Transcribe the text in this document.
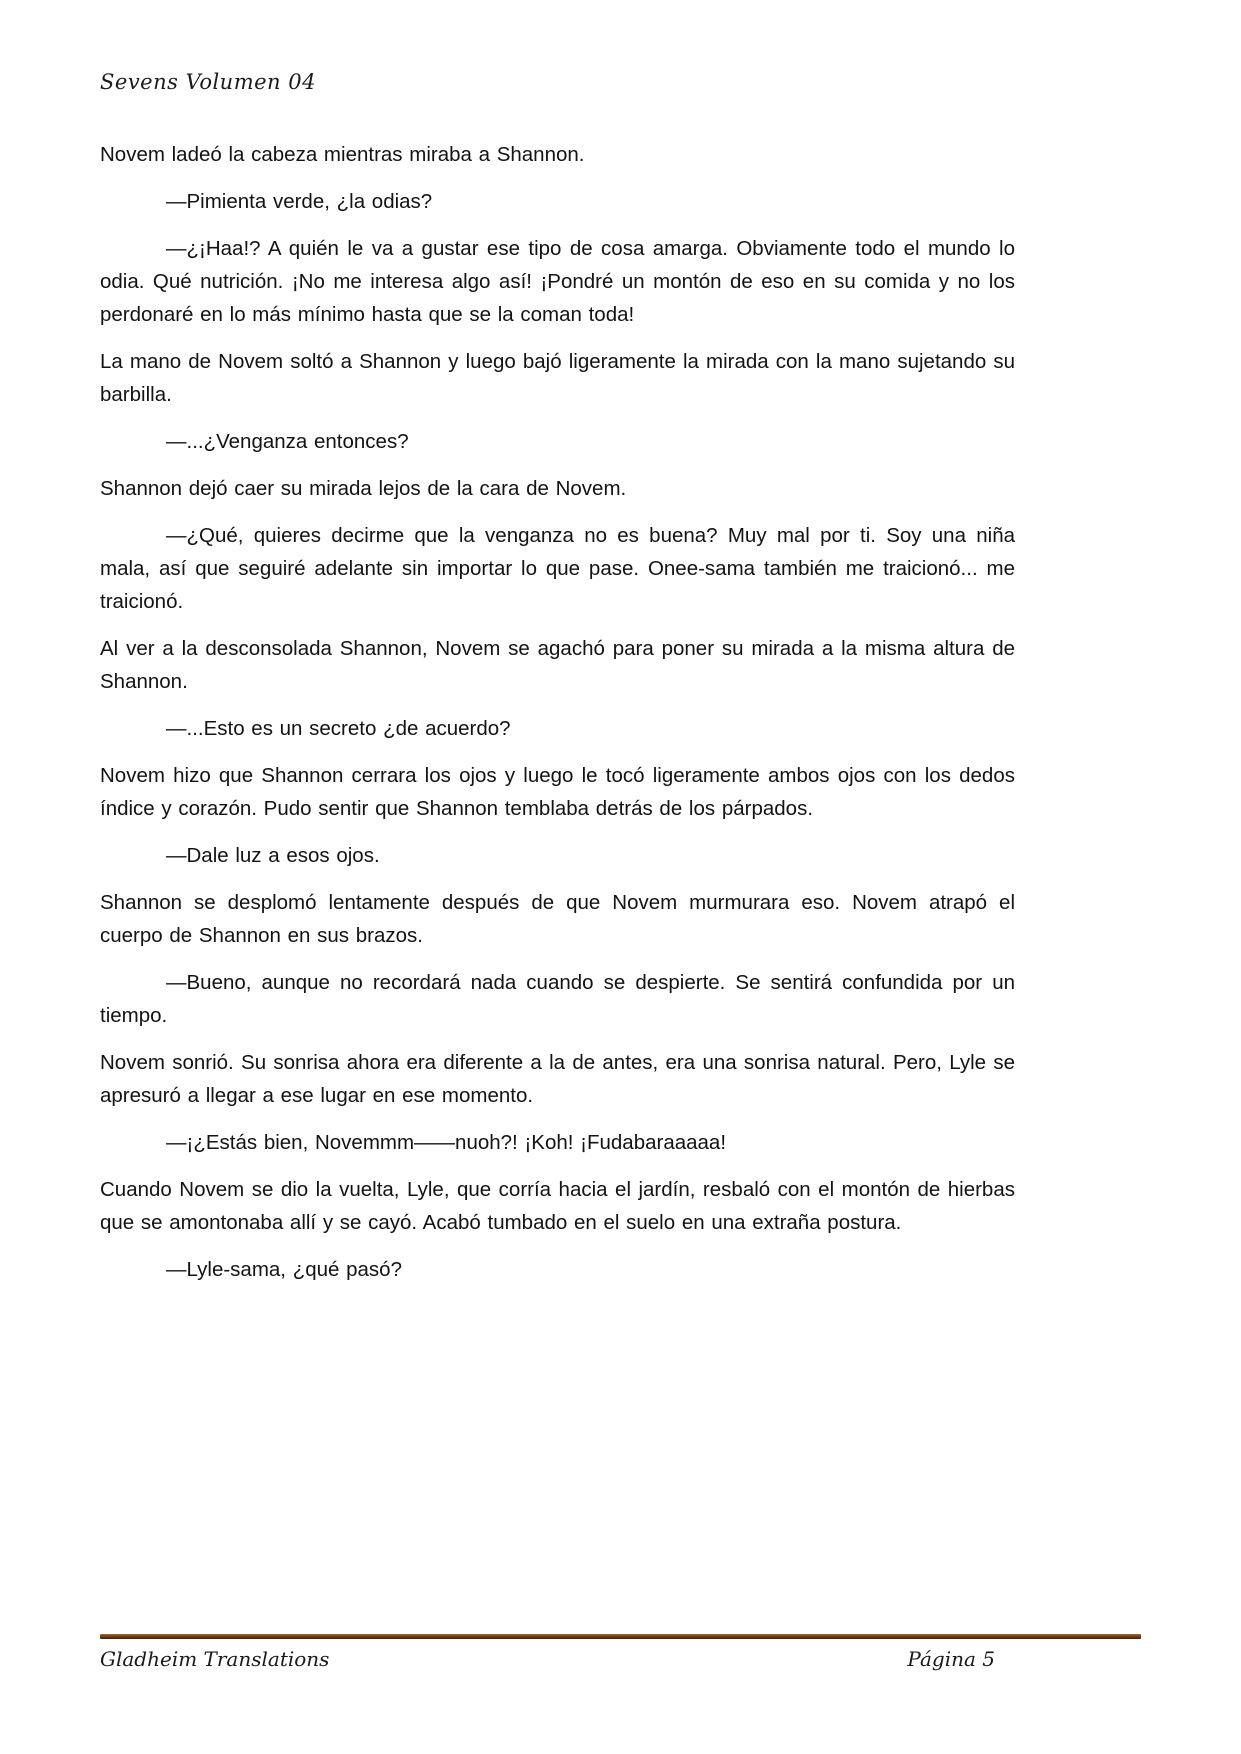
Sevens Volumen 04

Novem ladeó la cabeza mientras miraba a Shannon.

—Pimienta verde, ¿la odias?

—¿¡Haa!? A quién le va a gustar ese tipo de cosa amarga. Obviamente todo el mundo lo odia. Qué nutrición. ¡No me interesa algo así! ¡Pondré un montón de eso en su comida y no los perdonaré en lo más mínimo hasta que se la coman toda!

La mano de Novem soltó a Shannon y luego bajó ligeramente la mirada con la mano sujetando su barbilla.

—...¿Venganza entonces?

Shannon dejó caer su mirada lejos de la cara de Novem.

—¿Qué, quieres decirme que la venganza no es buena? Muy mal por ti. Soy una niña mala, así que seguiré adelante sin importar lo que pase. Onee-sama también me traicionó... me traicionó.

Al ver a la desconsolada Shannon, Novem se agachó para poner su mirada a la misma altura de Shannon.

—...Esto es un secreto ¿de acuerdo?

Novem hizo que Shannon cerrara los ojos y luego le tocó ligeramente ambos ojos con los dedos índice y corazón. Pudo sentir que Shannon temblaba detrás de los párpados.

—Dale luz a esos ojos.

Shannon se desplomó lentamente después de que Novem murmurara eso. Novem atrapó el cuerpo de Shannon en sus brazos.

—Bueno, aunque no recordará nada cuando se despierte. Se sentirá confundida por un tiempo.

Novem sonrió. Su sonrisa ahora era diferente a la de antes, era una sonrisa natural. Pero, Lyle se apresuró a llegar a ese lugar en ese momento.

—¡¿Estás bien, Novemmm——nuoh?! ¡Koh! ¡Fudabaraaaaa!

Cuando Novem se dio la vuelta, Lyle, que corría hacia el jardín, resbaló con el montón de hierbas que se amontonaba allí y se cayó. Acabó tumbado en el suelo en una extraña postura.

—Lyle-sama, ¿qué pasó?

Gladheim Translations	Página 5
